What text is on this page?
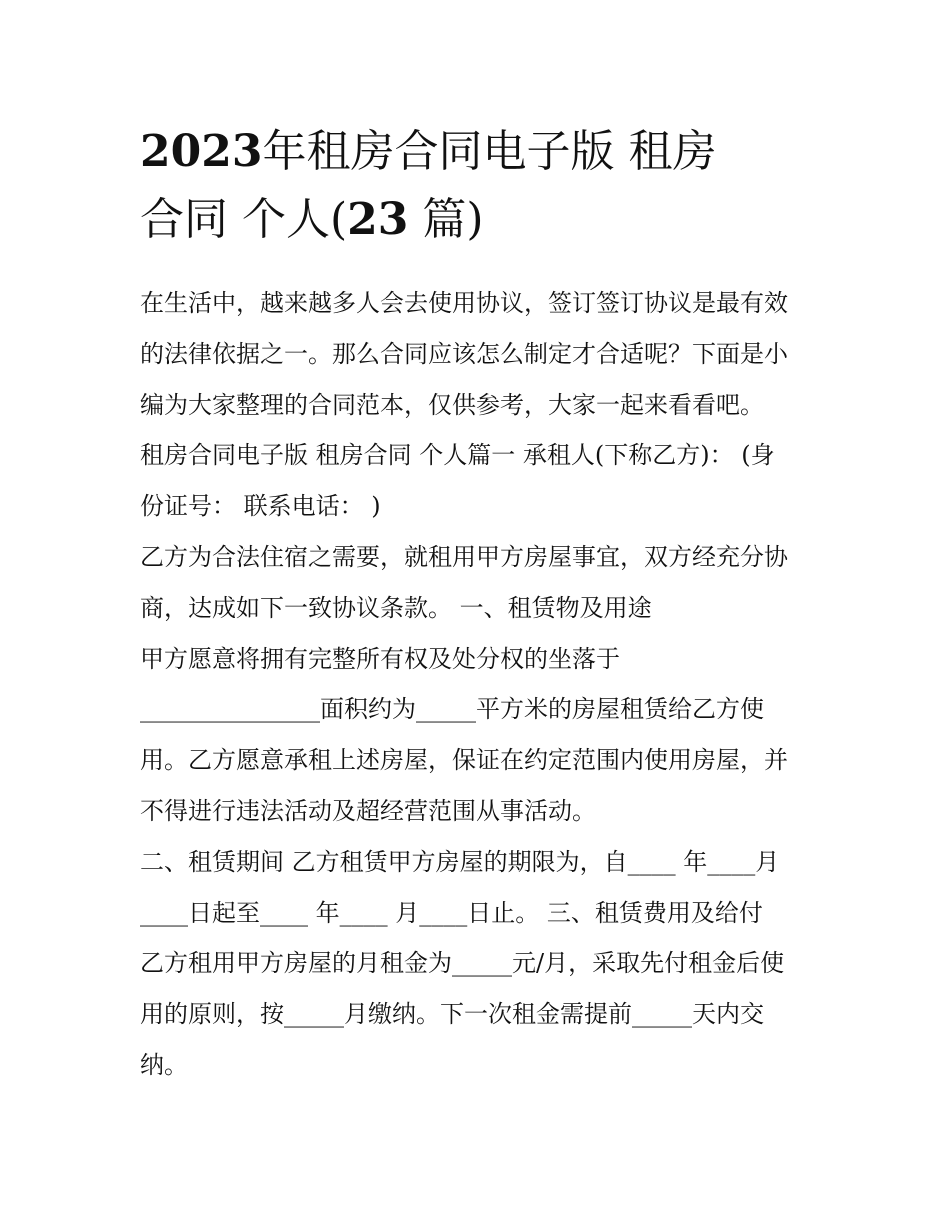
2023年租房合同电子版 租房
合同 个人(23 篇)
在生活中，越来越多人会去使用协议，签订签订协议是最有效
的法律依据之一。那么合同应该怎么制定才合适呢？下面是小
编为大家整理的合同范本，仅供参考，大家一起来看看吧。
租房合同电子版 租房合同 个人篇一 承租人(下称乙方)： (身
份证号： 联系电话： )
乙方为合法住宿之需要，就租用甲方房屋事宜，双方经充分协
商，达成如下一致协议条款。 一、租赁物及用途
甲方愿意将拥有完整所有权及处分权的坐落于
_______________面积约为_____平方米的房屋租赁给乙方使
用。乙方愿意承租上述房屋，保证在约定范围内使用房屋，并
不得进行违法活动及超经营范围从事活动。
二、租赁期间 乙方租赁甲方房屋的期限为，自____ 年____月
____日起至____ 年____ 月____日止。 三、租赁费用及给付
乙方租用甲方房屋的月租金为_____元/月，采取先付租金后使
用的原则，按_____月缴纳。下一次租金需提前_____天内交
纳。
